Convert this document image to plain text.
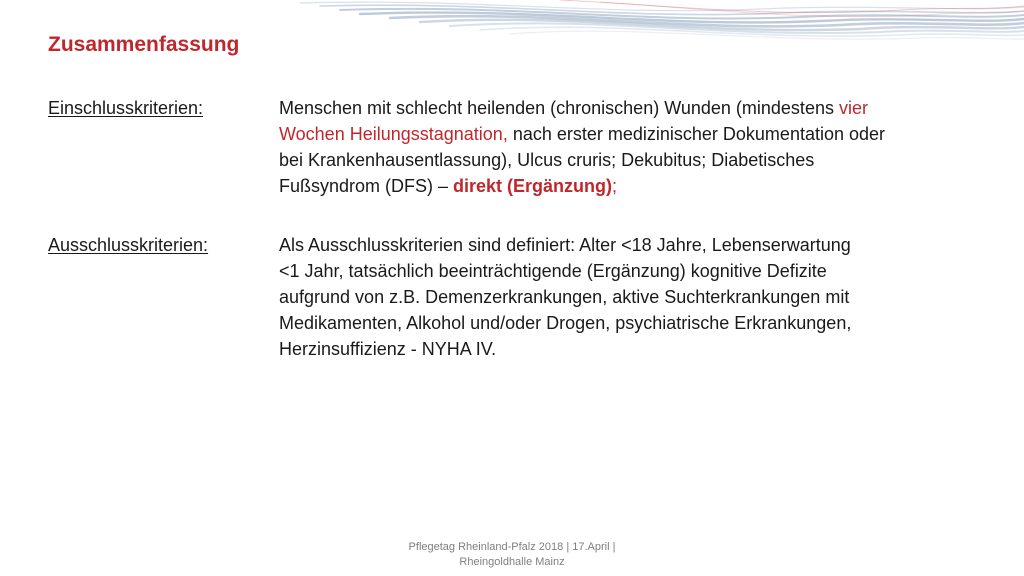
Zusammenfassung

Einschlusskriterien:	Menschen mit schlecht heilenden (chronischen) Wunden (mindestens vier
Wochen Heilungsstagnation, nach erster medizinischer Dokumentation oder
bei Krankenhausentlassung), Ulcus cruris; Dekubitus; Diabetisches
Fußsyndrom (DFS) – direkt (Ergänzung);

Ausschlusskriterien:	Als Ausschlusskriterien sind definiert: Alter <18 Jahre, Lebenserwartung
<1 Jahr, tatsächlich beeinträchtigende (Ergänzung) kognitive Defizite
aufgrund von z.B. Demenzerkrankungen, aktive Suchterkrankungen mit
Medikamenten, Alkohol und/oder Drogen, psychiatrische Erkrankungen,
Herzinsuffizienz - NYHA IV.

Pflegetag Rheinland-Pfalz 2018 | 17.April |
Rheingoldhalle Mainz
